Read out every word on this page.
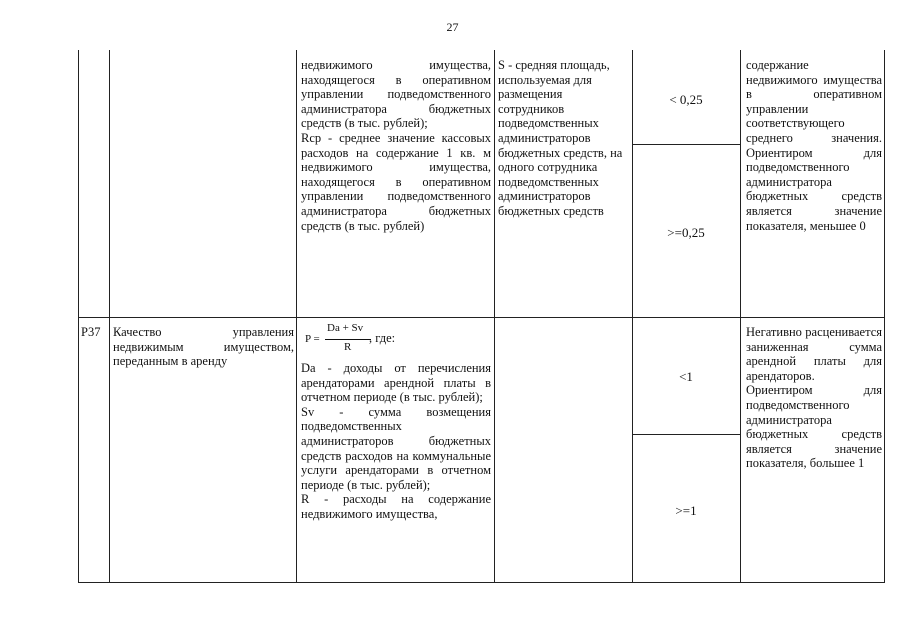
27
недвижимого имущества, находящегося в оперативном управлении подведомственного администратора бюджетных средств (в тыс. рублей);
Rср - среднее значение кассовых расходов на содержание 1 кв. м недвижимого имущества, находящегося в оперативном управлении подведомственного администратора бюджетных средств (в тыс. рублей)
S - средняя площадь, используемая для размещения сотрудников подведомственных администраторов бюджетных средств, на одного сотрудника подведомственных администраторов бюджетных средств
< 0,25
>=0,25
содержание недвижимого имущества в оперативном управлении соответствующего среднего значения. Ориентиром для подведомственного администратора бюджетных средств является значение показателя, меньшее 0
P37	Качество управления недвижимым имуществом, переданным в аренду
P =
Da + Sv
R
, где:
Da - доходы от перечисления арендаторами арендной платы в отчетном периоде (в тыс. рублей);
Sv - сумма возмещения подведомственных администраторов бюджетных средств расходов на коммунальные услуги арендаторами в отчетном периоде (в тыс. рублей);
R - расходы на содержание недвижимого имущества,
<1
>=1
Негативно расценивается заниженная сумма арендной платы для арендаторов. Ориентиром для подведомственного администратора бюджетных средств является значение показателя, большее 1
